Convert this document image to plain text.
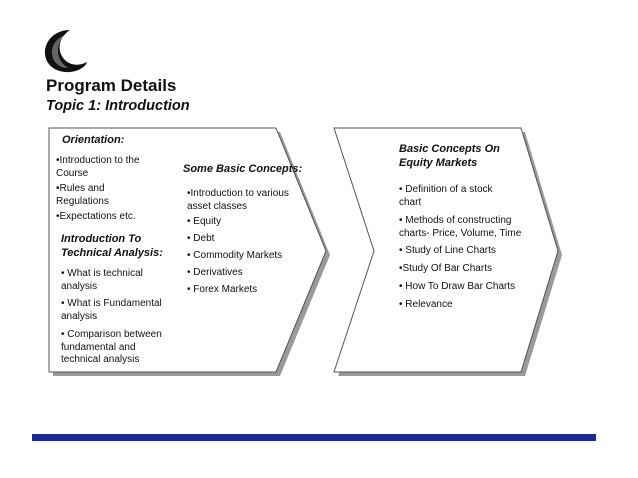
Program Details
Topic 1: Introduction

Orientation:

•Introduction to the Course

•Rules and Regulations

•Expectations etc.

Introduction To Technical Analysis:

• What is technical analysis

• What is Fundamental analysis

• Comparison between fundamental and technical analysis

Some Basic Concepts:

•Introduction to various asset classes

• Equity

• Debt

• Commodity Markets

• Derivatives

• Forex Markets

Basic Concepts On Equity Markets

• Definition of a stock chart

• Methods of constructing charts- Price, Volume, Time

• Study of Line Charts

•Study Of Bar Charts

• How To Draw Bar Charts

• Relevance
